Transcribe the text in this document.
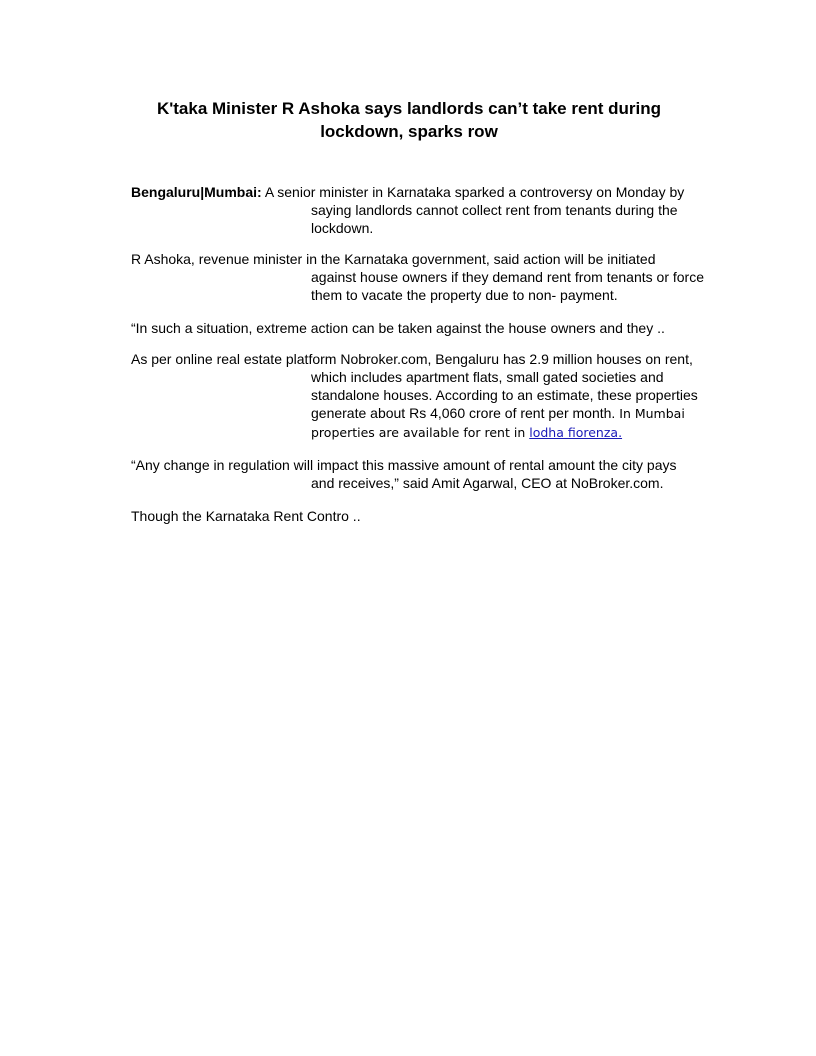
K'taka Minister R Ashoka says landlords can’t take rent during lockdown, sparks row

Bengaluru|Mumbai: A senior minister in Karnataka sparked a controversy on Monday by
saying landlords cannot collect rent from tenants during the lockdown.

R Ashoka, revenue minister in the Karnataka government, said action will be initiated
against house owners if they demand rent from tenants or force them to vacate the property due to non- payment.

“In such a situation, extreme action can be taken against the house owners and they ..

As per online real estate platform Nobroker.com, Bengaluru has 2.9 million houses on rent,
which includes apartment flats, small gated societies and standalone houses. According to an estimate, these properties generate about Rs 4,060 crore of rent per month. In Mumbai properties are available for rent in lodha fiorenza.

“Any change in regulation will impact this massive amount of rental amount the city pays
and receives,” said Amit Agarwal, CEO at NoBroker.com.

Though the Karnataka Rent Contro ..
